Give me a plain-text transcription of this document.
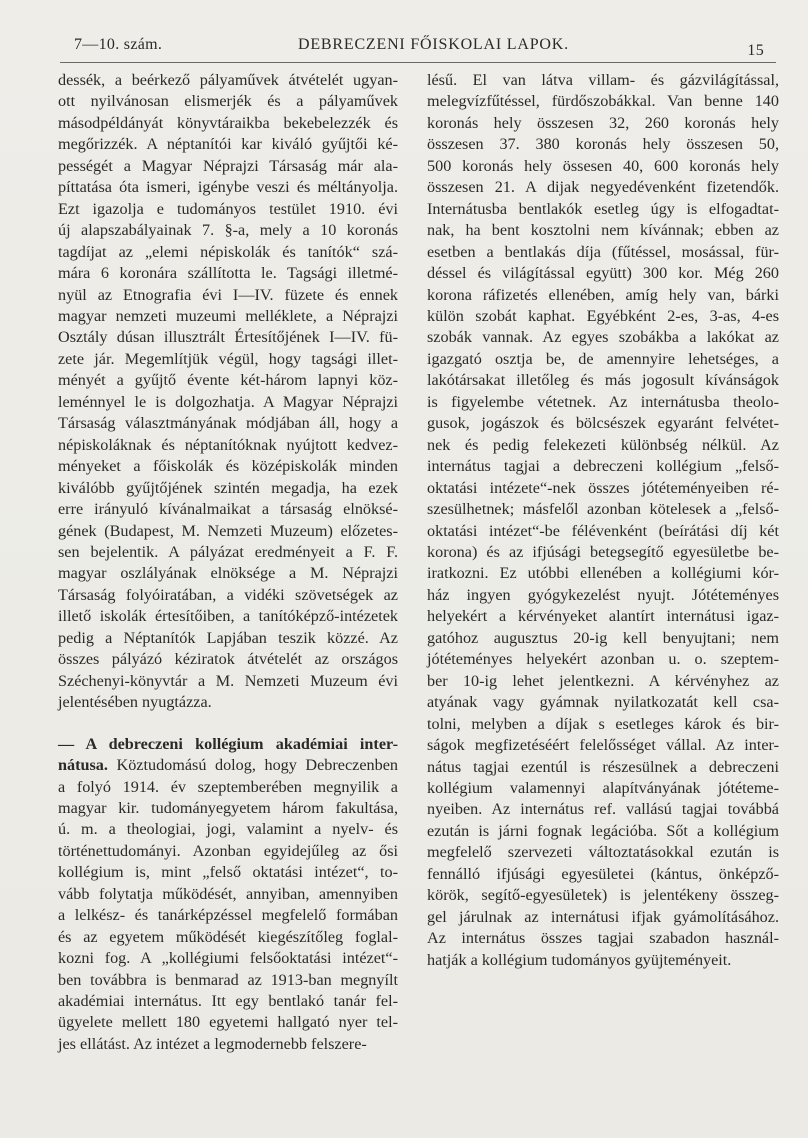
7—10. szám.	DEBRECZENI FŐISKOLAI LAPOK.	15

dessék, a beérkező pályaművek átvételét ugyan-
ott nyilvánosan elismerjék és a pályaművek
másodpéldányát könyvtáraikba bekebelezzék és
megőrizzék. A néptanítói kar kiváló gyűjtői ké-
pességét a Magyar Néprajzi Társaság már ala-
píttatása óta ismeri, igénybe veszi és méltányolja.
Ezt igazolja e tudományos testület 1910. évi
új alapszabályainak 7. §-a, mely a 10 koronás
tagdíjat az „elemi népiskolák és tanítók“ szá-
mára 6 koronára szállította le. Tagsági illetmé-
nyül az Etnografia évi I—IV. füzete és ennek
magyar nemzeti muzeumi melléklete, a Néprajzi
Osztály dúsan illusztrált Értesítőjének I—IV. fü-
zete jár. Megemlítjük végül, hogy tagsági illet-
ményét a gyűjtő évente két-három lapnyi köz-
leménnyel le is dolgozhatja. A Magyar Néprajzi
Társaság választmányának módjában áll, hogy a
népiskoláknak és néptanítóknak nyújtott kedvez-
ményeket a főiskolák és középiskolák minden
kiválóbb gyűjtőjének szintén megadja, ha ezek
erre irányuló kívánalmaikat a társaság elnöksé-
gének (Budapest, M. Nemzeti Muzeum) előzetes-
sen bejelentik. A pályázat eredményeit a F. F.
magyar oszlályának elnöksége a M. Néprajzi
Társaság folyóiratában, a vidéki szövetségek az
illető iskolák értesítőiben, a tanítóképző-intézetek
pedig a Néptanítók Lapjában teszik közzé. Az
összes pályázó kéziratok átvételét az országos
Széchenyi-könyvtár a M. Nemzeti Muzeum évi
jelentésében nyugtázza.

— A debreczeni kollégium akadémiai inter-
nátusa. Köztudomású dolog, hogy Debreczenben
a folyó 1914. év szeptemberében megnyilik a
magyar kir. tudományegyetem három fakultása,
ú. m. a theologiai, jogi, valamint a nyelv- és
történettudományi. Azonban egyidejűleg az ősi
kollégium is, mint „felső oktatási intézet“, to-
vább folytatja működését, annyiban, amennyiben
a lelkész- és tanárképzéssel megfelelő formában
és az egyetem működését kiegészítőleg foglal-
kozni fog. A „kollégiumi felsőoktatási intézet“-
ben továbbra is benmarad az 1913-ban megnyílt
akadémiai internátus. Itt egy bentlakó tanár fel-
ügyelete mellett 180 egyetemi hallgató nyer tel-
jes ellátást. Az intézet a legmodernebb felszere-

lésű. El van látva villam- és gázvilágítással,
melegvízfűtéssel, fürdőszobákkal. Van benne 140
koronás hely összesen 32, 260 koronás hely
összesen 37. 380 koronás hely összesen 50,
500 koronás hely össesen 40, 600 koronás hely
összesen 21. A dijak negyedévenként fizetendők.
Internátusba bentlakók esetleg úgy is elfogadtat-
nak, ha bent kosztolni nem kívánnak; ebben az
esetben a bentlakás díja (fűtéssel, mosással, für-
déssel és világítással együtt) 300 kor. Még 260
korona ráfizetés ellenében, amíg hely van, bárki
külön szobát kaphat. Egyébként 2-es, 3-as, 4-es
szobák vannak. Az egyes szobákba a lakókat az
igazgató osztja be, de amennyire lehetséges, a
lakótársakat illetőleg és más jogosult kívánságok
is figyelembe vétetnek. Az internátusba theolo-
gusok, jogászok és bölcsészek egyaránt felvétet-
nek és pedig felekezeti különbség nélkül. Az
internátus tagjai a debreczeni kollégium „felső-
oktatási intézete“-nek összes jótéteményeiben ré-
szesülhetnek; másfelől azonban kötelesek a „felső-
oktatási intézet“-be félévenként (beírátási díj két
korona) és az ifjúsági betegsegítő egyesületbe be-
iratkozni. Ez utóbbi ellenében a kollégiumi kór-
ház ingyen gyógykezelést nyujt. Jótéteményes
helyekért a kérvényeket alantírt internátusi igaz-
gatóhoz augusztus 20-ig kell benyujtani; nem
jótéteményes helyekért azonban u. o. szeptem-
ber 10-ig lehet jelentkezni. A kérvényhez az
atyának vagy gyámnak nyilatkozatát kell csa-
tolni, melyben a díjak s esetleges károk és bir-
ságok megfizetéséért felelősséget vállal. Az inter-
nátus tagjai ezentúl is részesülnek a debreczeni
kollégium valamennyi alapítványának jótéteme-
nyeiben. Az internátus ref. vallású tagjai továbbá
ezután is járni fognak legációba. Sőt a kollégium
megfelelő szervezeti változtatásokkal ezután is
fennálló ifjúsági egyesületei (kántus, önképző-
körök, segítő-egyesületek) is jelentékeny összeg-
gel járulnak az internátusi ifjak gyámolításához.
Az internátus összes tagjai szabadon használ-
hatják a kollégium tudományos gyüjteményeit.
